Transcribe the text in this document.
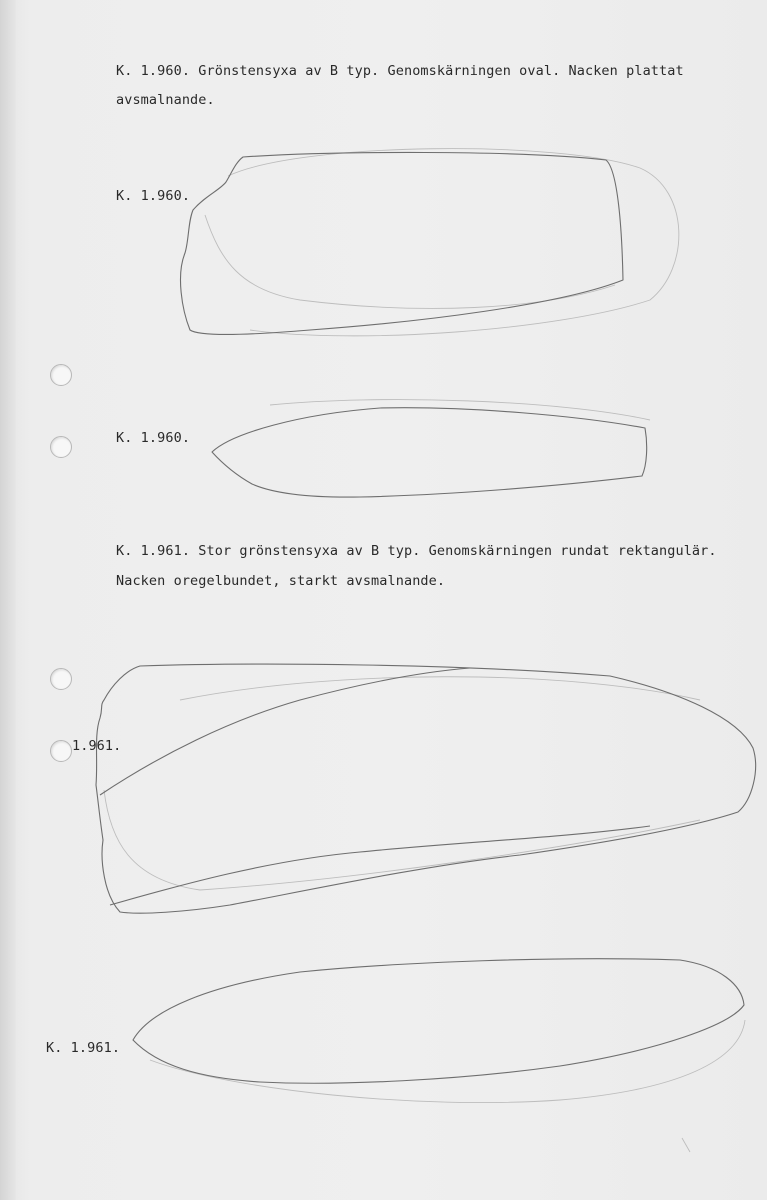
K. 1.960. Grönstensyxa av B typ. Genomskärningen oval. Nacken plattat
avsmalnande.
K. 1.960.
K. 1.960.
K. 1.961. Stor grönstensyxa av B typ. Genomskärningen rundat rektangulär.
Nacken oregelbundet, starkt avsmalnande.
1.961.
K. 1.961.
